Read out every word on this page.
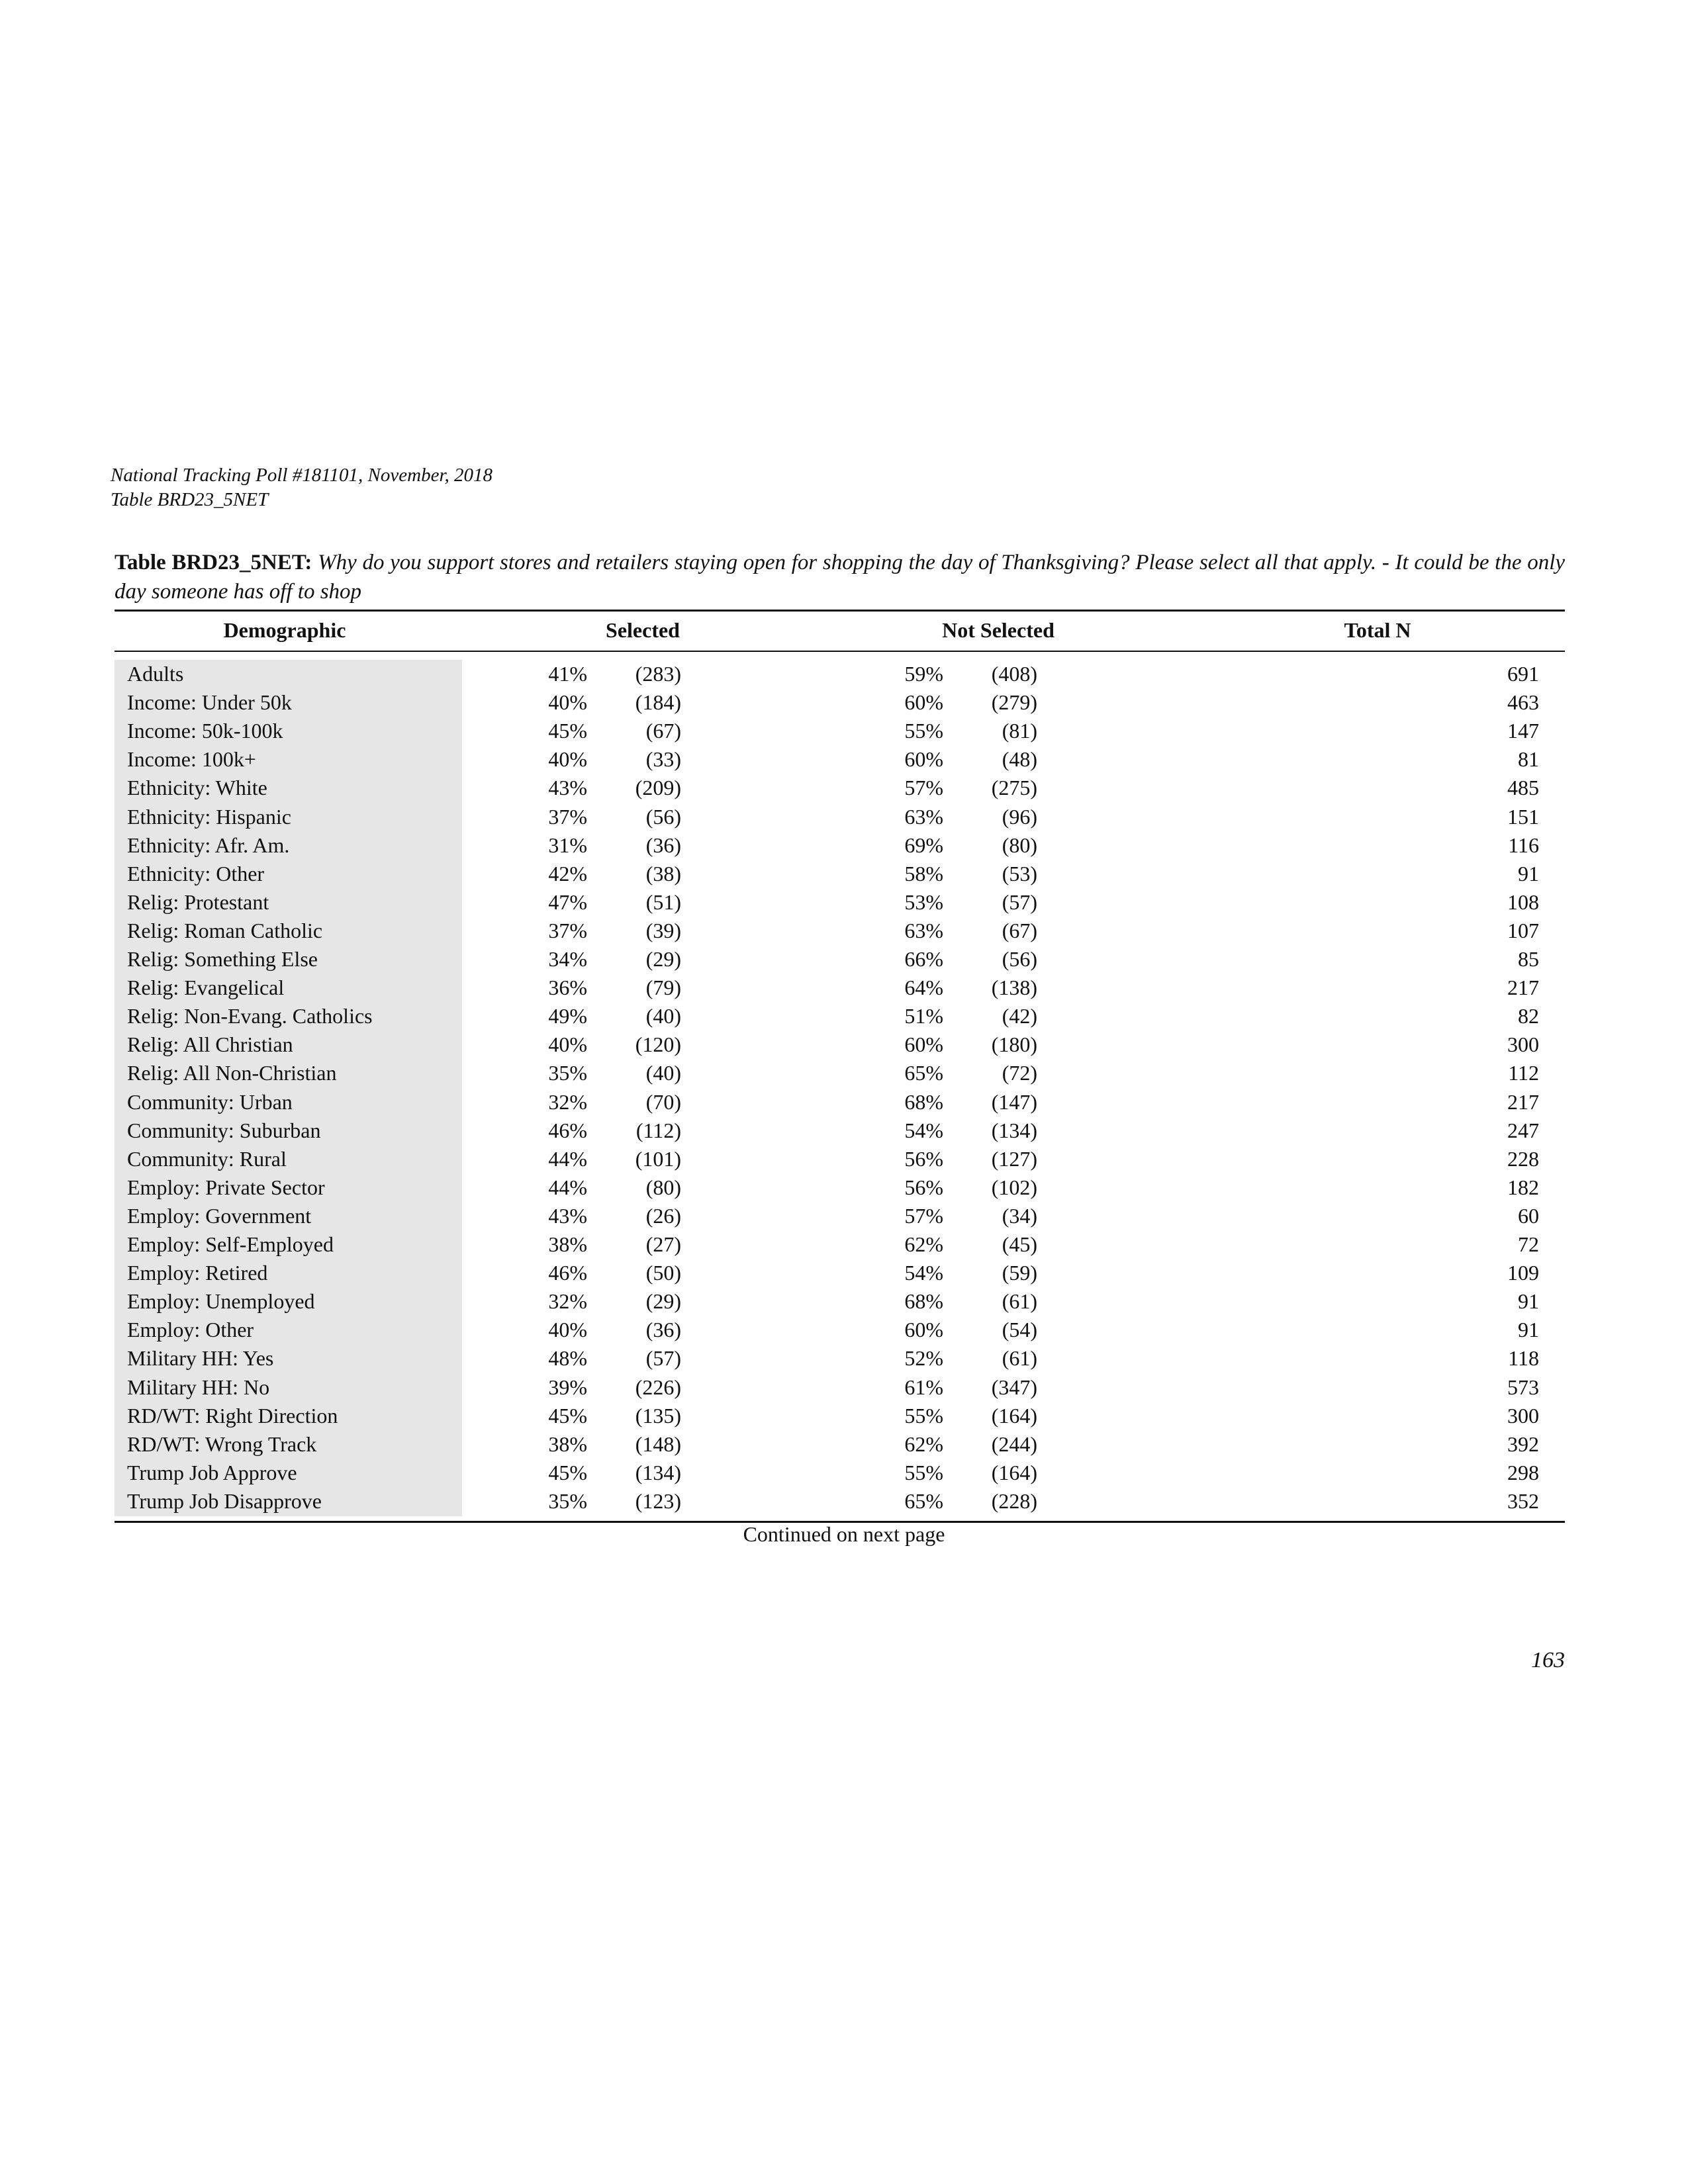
National Tracking Poll #181101, November, 2018
Table BRD23_5NET
Table BRD23_5NET: Why do you support stores and retailers staying open for shopping the day of Thanksgiving? Please select all that apply. - It could be the only day someone has off to shop
Demographic	Selected	Not Selected	Total N
Adults	41% (283)	59% (408)	691
Income: Under 50k	40% (184)	60% (279)	463
Income: 50k-100k	45%	(67)	55%	(81)	147
Income: 100k+	40%	(33)	60%	(48)	81
Ethnicity: White	43% (209)	57% (275)	485
Ethnicity: Hispanic	37%	(56)	63%	(96)	151
Ethnicity: Afr. Am.	31%	(36)	69%	(80)	116
Ethnicity: Other	42%	(38)	58%	(53)	91
Relig: Protestant	47%	(51)	53%	(57)	108
Relig: Roman Catholic	37%	(39)	63%	(67)	107
Relig: Something Else	34%	(29)	66%	(56)	85
Relig: Evangelical	36%	(79)	64% (138)	217
Relig: Non-Evang. Catholics	49%	(40)	51%	(42)	82
Relig: All Christian	40% (120)	60% (180)	300
Relig: All Non-Christian	35%	(40)	65%	(72)	112
Community: Urban	32%	(70)	68% (147)	217
Community: Suburban	46% (112)	54% (134)	247
Community: Rural	44% (101)	56% (127)	228
Employ: Private Sector	44%	(80)	56% (102)	182
Employ: Government	43%	(26)	57%	(34)	60
Employ: Self-Employed	38%	(27)	62%	(45)	72
Employ: Retired	46%	(50)	54%	(59)	109
Employ: Unemployed	32%	(29)	68%	(61)	91
Employ: Other	40%	(36)	60%	(54)	91
Military HH: Yes	48%	(57)	52%	(61)	118
Military HH: No	39% (226)	61% (347)	573
RD/WT: Right Direction	45% (135)	55% (164)	300
RD/WT: Wrong Track	38% (148)	62% (244)	392
Trump Job Approve	45% (134)	55% (164)	298
Trump Job Disapprove	35% (123)	65% (228)	352
Continued on next page
163
